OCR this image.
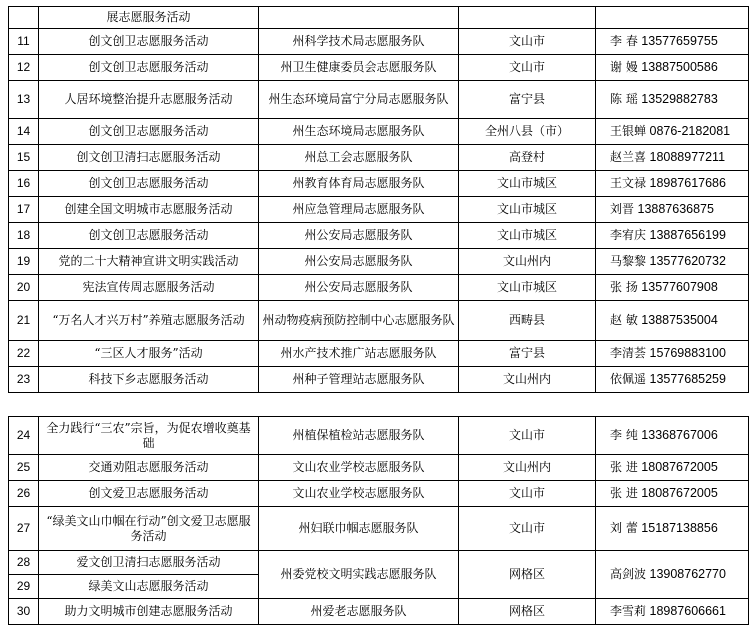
	展志愿服务活动			
11	创文创卫志愿服务活动	州科学技术局志愿服务队	文山市	李 春 13577659755
12	创文创卫志愿服务活动	州卫生健康委员会志愿服务队	文山市	谢 嫚 13887500586
13	人居环境整治提升志愿服务活动	州生态环境局富宁分局志愿服务队	富宁县	陈 瑶 13529882783
14	创文创卫志愿服务活动	州生态环境局志愿服务队	全州八县（市）	王银蝉 0876-2182081
15	创文创卫清扫志愿服务活动	州总工会志愿服务队	高登村	赵兰喜 18088977211
16	创文创卫志愿服务活动	州教育体育局志愿服务队	文山市城区	王文禄 18987617686
17	创建全国文明城市志愿服务活动	州应急管理局志愿服务队	文山市城区	刘晋 13887636875
18	创文创卫志愿服务活动	州公安局志愿服务队	文山市城区	李宥庆 13887656199
19	党的二十大精神宣讲文明实践活动	州公安局志愿服务队	文山州内	马黎黎 13577620732
20	宪法宣传周志愿服务活动	州公安局志愿服务队	文山市城区	张 扬 13577607908
21	“万名人才兴万村”养殖志愿服务活动	州动物疫病预防控制中心志愿服务队	西畴县	赵 敏 13887535004
22	“三区人才服务”活动	州水产技术推广站志愿服务队	富宁县	李清荟 15769883100
23	科技下乡志愿服务活动	州种子管理站志愿服务队	文山州内	依佩遥 13577685259
24	全力践行“三农”宗旨，为促农增收奠基础	州植保植检站志愿服务队	文山市	李 纯 13368767006
25	交通劝阻志愿服务活动	文山农业学校志愿服务队	文山州内	张 进 18087672005
26	创文爱卫志愿服务活动	文山农业学校志愿服务队	文山市	张 进 18087672005
27	“绿美文山巾帼在行动”创文爱卫志愿服务活动	州妇联巾帼志愿服务队	文山市	刘 蕾 15187138856
28	爱文创卫清扫志愿服务活动	州委党校文明实践志愿服务队	网格区	高剑波 13908762770
29	绿美文山志愿服务活动			
30	助力文明城市创建志愿服务活动	州爱老志愿服务队	网格区	李雪莉 18987606661
